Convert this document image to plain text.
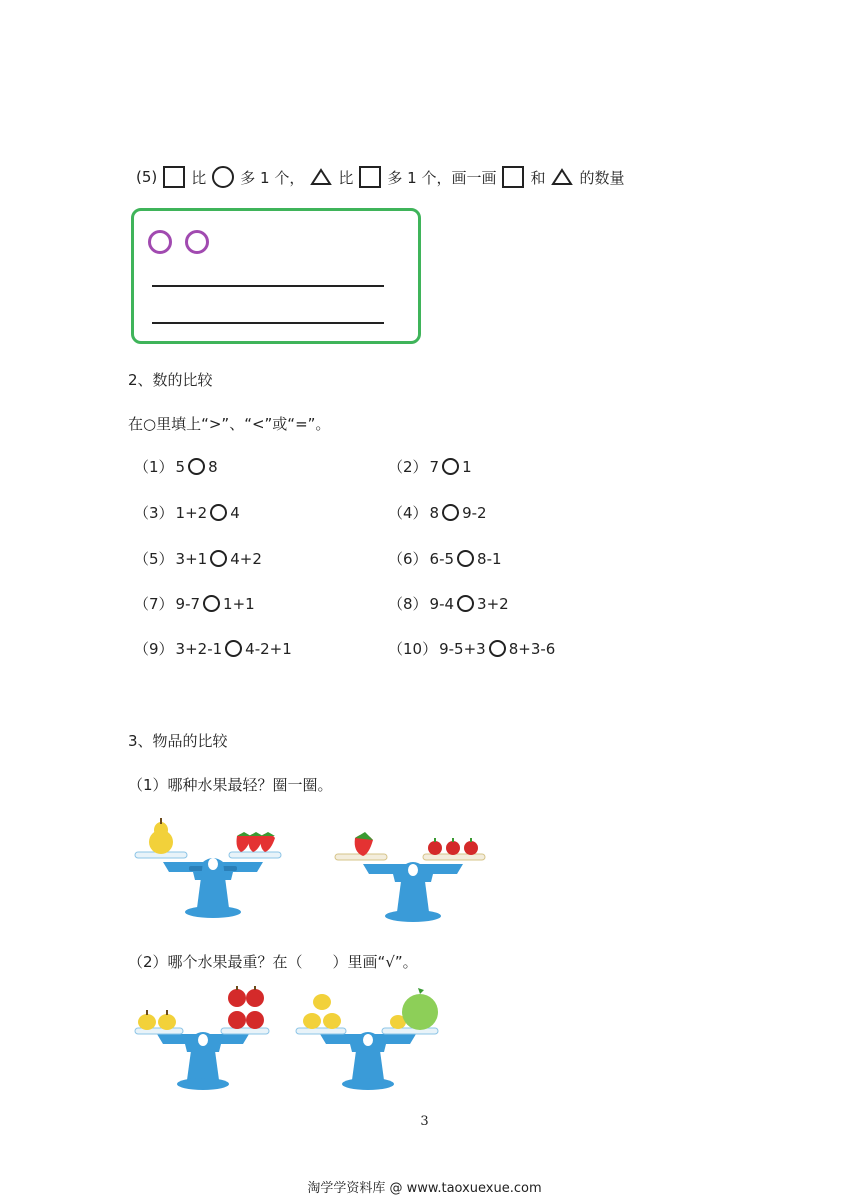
(5) 比 多 1 个， 比 多 1 个，画一画 和 的数量
2、数的比较
在○里填上“>”、“<”或“=”。
（1） 5 8	（2） 7 1
（3） 1+2 4	（4） 8 9-2
（5） 3+1 4+2	（6） 6-5 8-1
（7） 9-7 1+1	（8） 9-4 3+2
（9） 3+2-1 4-2+1	（10） 9-5+3 8+3-6
3、物品的比较
（1）哪种水果最轻？圈一圈。
（2）哪个水果最重？在（　　）里画“√”。
3
淘学学资料库 @ www.taoxuexue.com
